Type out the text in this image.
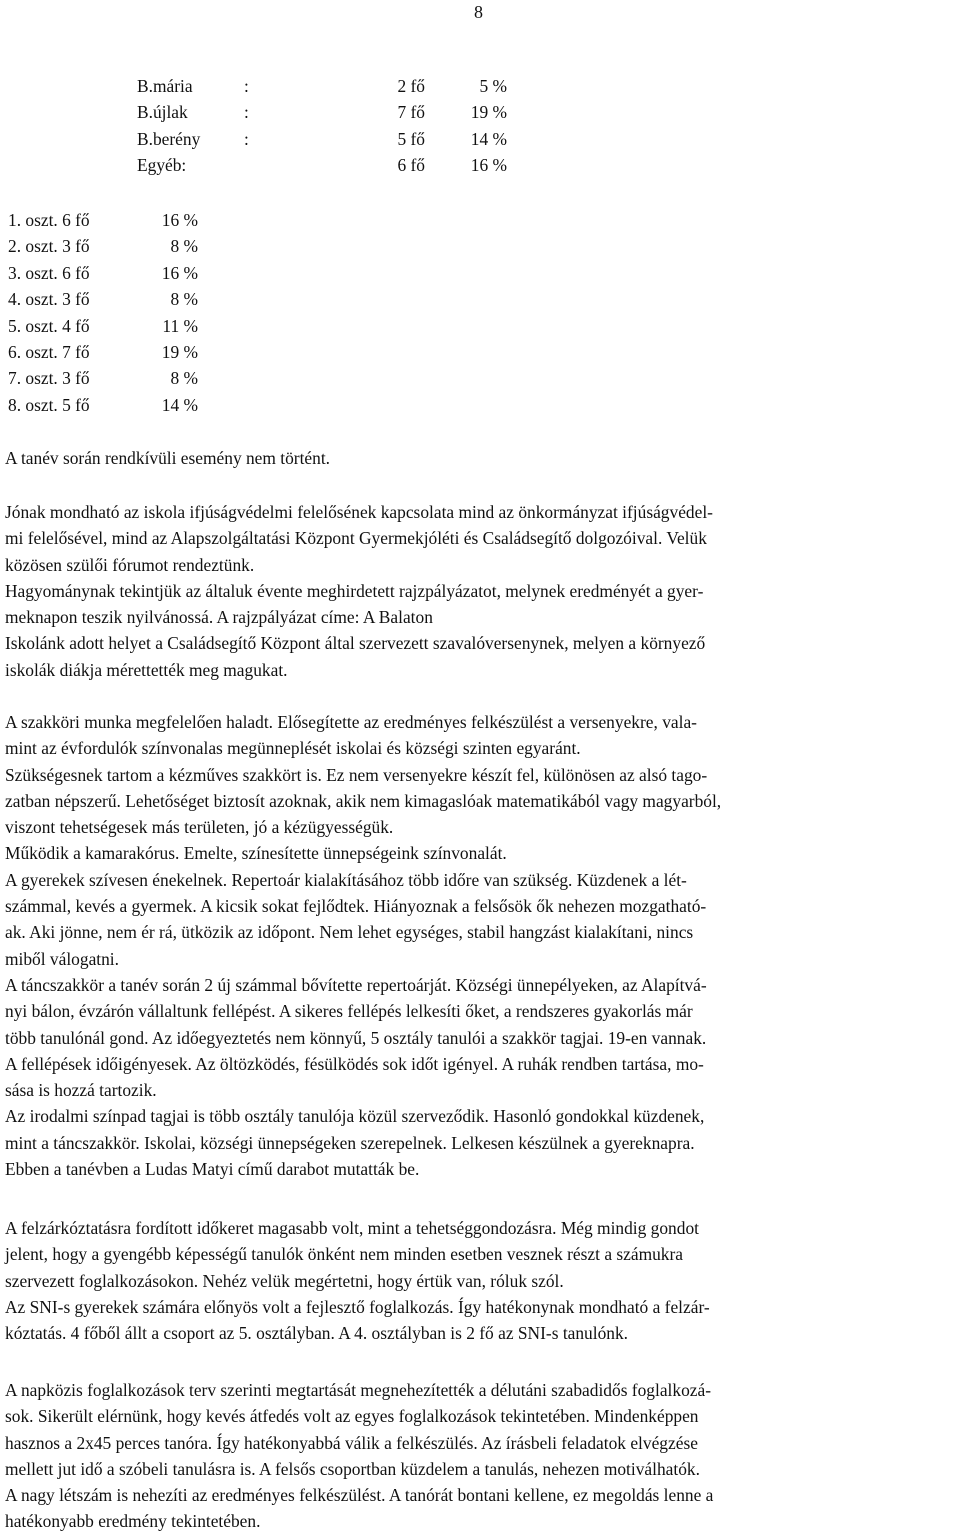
8
B.mária	:	2 fő	5 %
B.újlak	:	7 fő	19 %
B.berény	:	5 fő	14 %
Egyéb:	6 fő	16 %
1. oszt. 6 fő	16 %
2. oszt. 3 fő	8 %
3. oszt. 6 fő	16 %
4. oszt. 3 fő	8 %
5. oszt. 4 fő	11 %
6. oszt. 7 fő	19 %
7. oszt. 3 fő	8 %
8. oszt. 5 fő	14 %

A tanév során rendkívüli esemény nem történt.

Jónak mondható az iskola ifjúságvédelmi felelősének kapcsolata mind az önkormányzat ifjúságvédel-

mi felelősével, mind az Alapszolgáltatási Központ Gyermekjóléti és Családsegítő dolgozóival. Velük

közösen szülői fórumot rendeztünk.

Hagyománynak tekintjük az általuk évente meghirdetett rajzpályázatot, melynek eredményét a gyer-

meknapon teszik nyilvánossá. A rajzpályázat címe: A Balaton

Iskolánk adott helyet a Családsegítő Központ által szervezett szavalóversenynek, melyen a környező

iskolák diákja mérettették meg magukat.

A szakköri munka megfelelően haladt. Elősegítette az eredményes felkészülést a versenyekre, vala-

mint az évfordulók színvonalas megünneplését iskolai és községi szinten egyaránt.

Szükségesnek tartom a kézműves szakkört is. Ez nem versenyekre készít fel, különösen az alsó tago-

zatban népszerű. Lehetőséget biztosít azoknak, akik nem kimagaslóak matematikából vagy magyarból,

viszont tehetségesek más területen, jó a kézügyességük.

Működik a kamarakórus. Emelte, színesítette ünnepségeink színvonalát.

A gyerekek szívesen énekelnek. Repertoár kialakításához több időre van szükség. Küzdenek a lét-

számmal, kevés a gyermek. A kicsik sokat fejlődtek. Hiányoznak a felsősök ők nehezen mozgatható-

ak. Aki jönne, nem ér rá, ütközik az időpont. Nem lehet egységes, stabil hangzást kialakítani, nincs

miből válogatni.

A táncszakkör a tanév során 2 új számmal bővítette repertoárját. Községi ünnepélyeken, az Alapítvá-

nyi bálon, évzárón vállaltunk fellépést. A sikeres fellépés lelkesíti őket, a rendszeres gyakorlás már

több tanulónál gond. Az időegyeztetés nem könnyű, 5 osztály tanulói a szakkör tagjai. 19-en vannak.

A fellépések időigényesek. Az öltözködés, fésülködés sok időt igényel. A ruhák rendben tartása, mo-

sása is hozzá tartozik.

Az irodalmi színpad tagjai is több osztály tanulója közül szerveződik. Hasonló gondokkal küzdenek,

mint a táncszakkör. Iskolai, községi ünnepségeken szerepelnek. Lelkesen készülnek a gyereknapra.

Ebben a tanévben a Ludas Matyi című darabot mutatták be.

A felzárkóztatásra fordított időkeret magasabb volt, mint a tehetséggondozásra. Még mindig gondot

jelent, hogy a gyengébb képességű tanulók önként nem minden esetben vesznek részt a számukra

szervezett foglalkozásokon. Nehéz velük megértetni, hogy értük van, róluk szól.

Az SNI-s gyerekek számára előnyös volt a fejlesztő foglalkozás. Így hatékonynak mondható a felzár-

kóztatás. 4 főből állt a csoport az 5. osztályban. A 4. osztályban is 2 fő az SNI-s tanulónk.

A napközis foglalkozások terv szerinti megtartását megnehezítették a délutáni szabadidős foglalkozá-

sok. Sikerült elérnünk, hogy kevés átfedés volt az egyes foglalkozások tekintetében. Mindenképpen

hasznos a 2x45 perces tanóra. Így hatékonyabbá válik a felkészülés. Az írásbeli feladatok elvégzése

mellett jut idő a szóbeli tanulásra is. A felsős csoportban küzdelem a tanulás, nehezen motiválhatók.

A nagy létszám is nehezíti az eredményes felkészülést. A tanórát bontani kellene, ez megoldás lenne a

hatékonyabb eredmény tekintetében.
